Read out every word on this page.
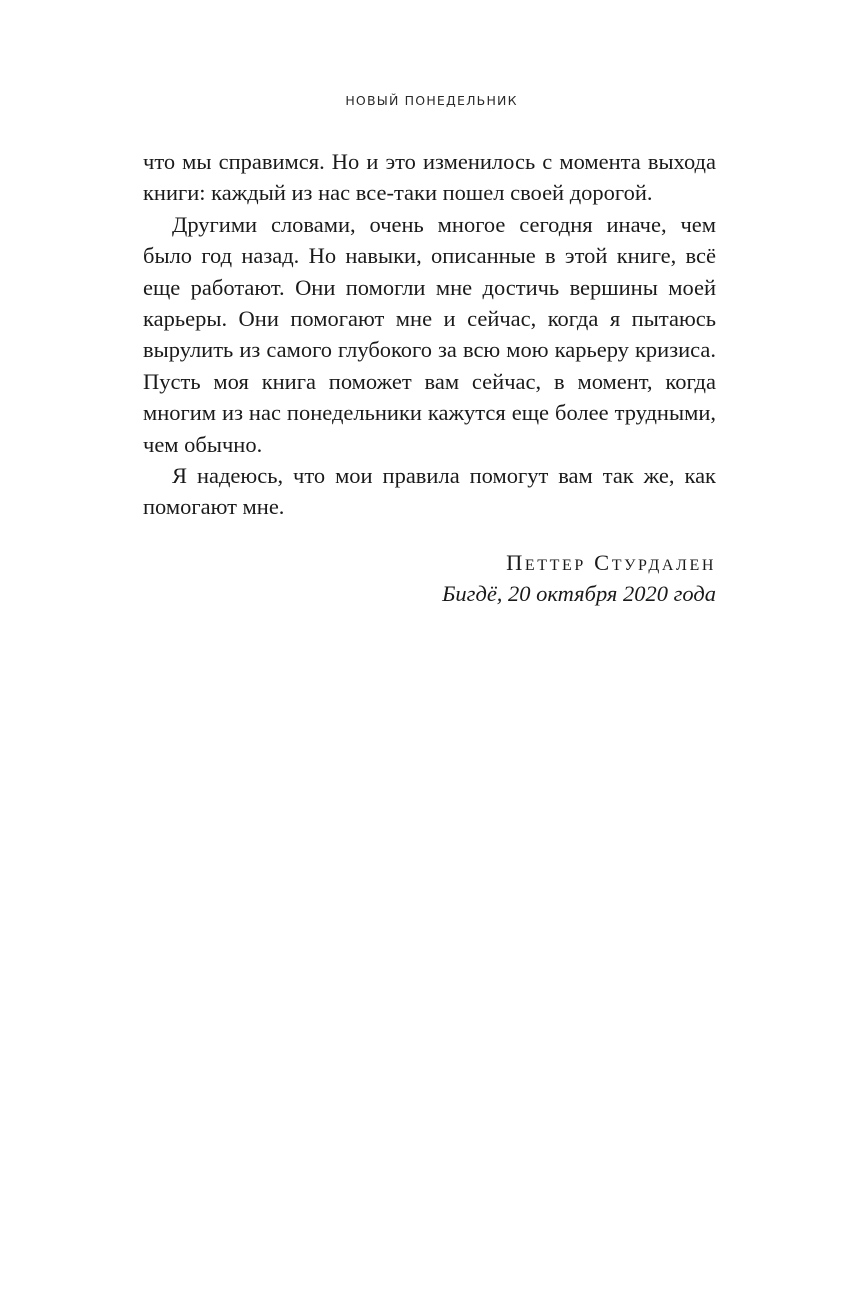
НОВЫЙ ПОНЕДЕЛЬНИК

что мы справимся. Но и это изменилось с момента выхода книги: каждый из нас все-таки пошел своей дорогой.

Другими словами, очень многое сегодня иначе, чем было год назад. Но навыки, описанные в этой книге, всё еще работают. Они помогли мне достичь вершины моей карьеры. Они помогают мне и сейчас, когда я пытаюсь вырулить из самого глубокого за всю мою карьеру кризиса. Пусть моя книга поможет вам сейчас, в момент, когда многим из нас понедельники кажутся еще более трудными, чем обычно.

Я надеюсь, что мои правила помогут вам так же, как помогают мне.

Петтер Стурдален
Бигдё, 20 октября 2020 года
